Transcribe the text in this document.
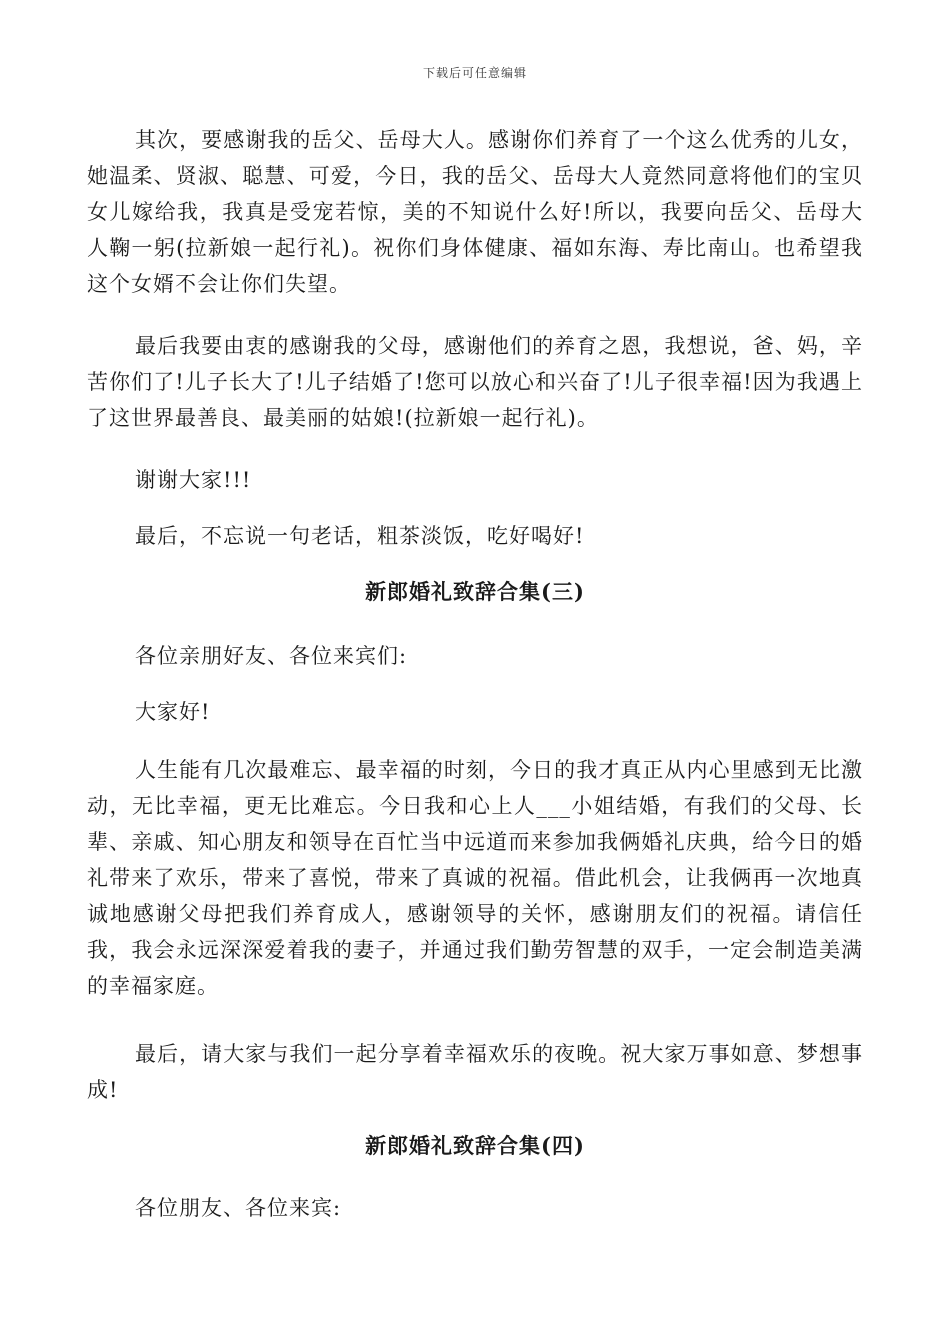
下载后可任意编辑

其次，要感谢我的岳父、岳母大人。感谢你们养育了一个这么优秀的儿女，她温柔、贤淑、聪慧、可爱，今日，我的岳父、岳母大人竟然同意将他们的宝贝女儿嫁给我，我真是受宠若惊，美的不知说什么好!所以，我要向岳父、岳母大人鞠一躬(拉新娘一起行礼)。祝你们身体健康、福如东海、寿比南山。也希望我这个女婿不会让你们失望。

最后我要由衷的感谢我的父母，感谢他们的养育之恩，我想说，爸、妈，辛苦你们了!儿子长大了!儿子结婚了!您可以放心和兴奋了!儿子很幸福!因为我遇上了这世界最善良、最美丽的姑娘!(拉新娘一起行礼)。

谢谢大家!!!

最后，不忘说一句老话，粗茶淡饭，吃好喝好!

新郎婚礼致辞合集(三)

各位亲朋好友、各位来宾们:

大家好!

人生能有几次最难忘、最幸福的时刻，今日的我才真正从内心里感到无比激动，无比幸福，更无比难忘。今日我和心上人___小姐结婚，有我们的父母、长辈、亲戚、知心朋友和领导在百忙当中远道而来参加我俩婚礼庆典，给今日的婚礼带来了欢乐，带来了喜悦，带来了真诚的祝福。借此机会，让我俩再一次地真诚地感谢父母把我们养育成人，感谢领导的关怀，感谢朋友们的祝福。请信任我，我会永远深深爱着我的妻子，并通过我们勤劳智慧的双手，一定会制造美满的幸福家庭。

最后，请大家与我们一起分享着幸福欢乐的夜晚。祝大家万事如意、梦想事成!

新郎婚礼致辞合集(四)

各位朋友、各位来宾:
